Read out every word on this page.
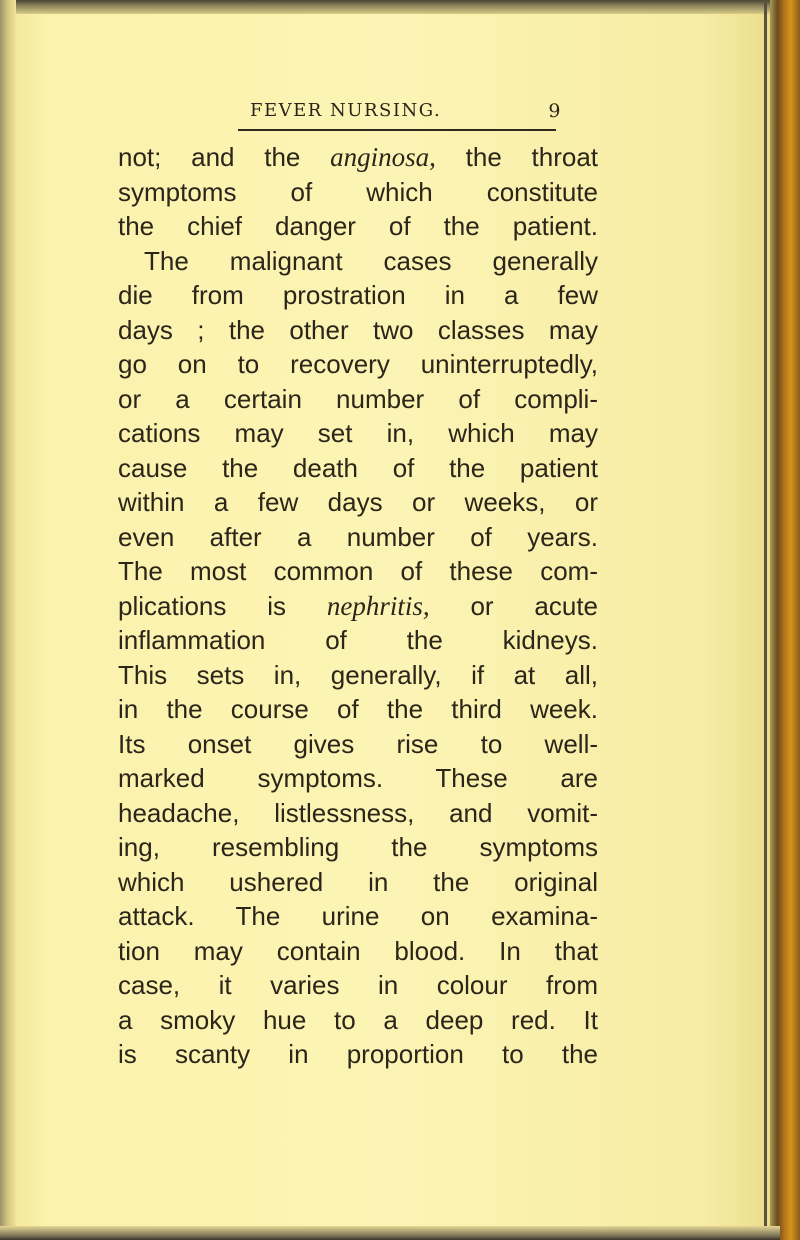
FEVER NURSING.	9
not; and the anginosa, the throat
symptoms of which constitute
the chief danger of the patient.
The malignant cases generally
die from prostration in a few
days ; the other two classes may
go on to recovery uninterruptedly,
or a certain number of compli-
cations may set in, which may
cause the death of the patient
within a few days or weeks, or
even after a number of years.
The most common of these com-
plications is nephritis, or acute
inflammation of the kidneys.
This sets in, generally, if at all,
in the course of the third week.
Its onset gives rise to well-
marked symptoms. These are
headache, listlessness, and vomit-
ing, resembling the symptoms
which ushered in the original
attack. The urine on examina-
tion may contain blood. In that
case, it varies in colour from
a smoky hue to a deep red. It
is scanty in proportion to the
